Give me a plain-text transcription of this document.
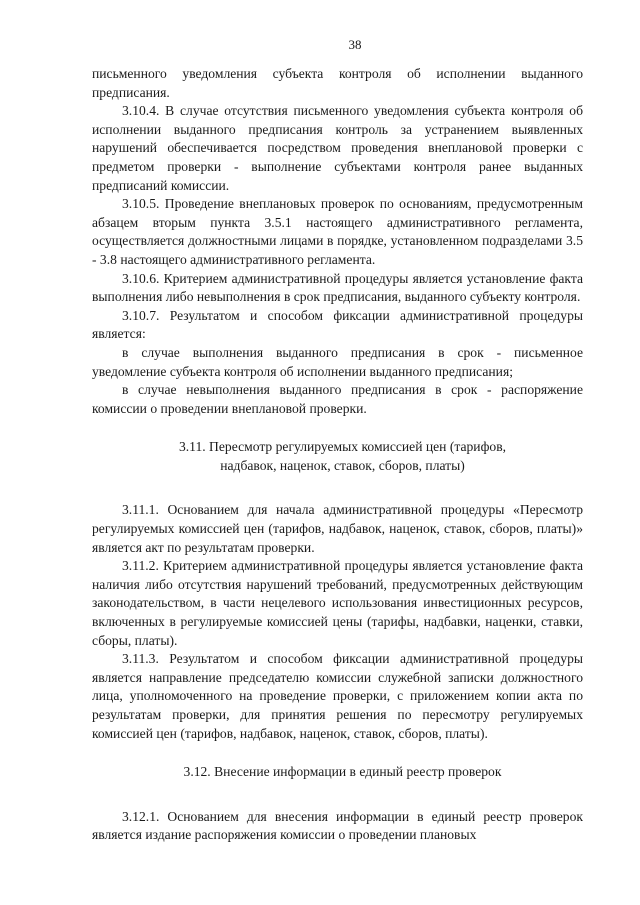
38

письменного уведомления субъекта контроля об исполнении выданного предписания.

3.10.4. В случае отсутствия письменного уведомления субъекта контроля об исполнении выданного предписания контроль за устранением выявленных нарушений обеспечивается посредством проведения внеплановой проверки с предметом проверки - выполнение субъектами контроля ранее выданных предписаний комиссии.

3.10.5. Проведение внеплановых проверок по основаниям, предусмотренным абзацем вторым пункта 3.5.1 настоящего административного регламента, осуществляется должностными лицами в порядке, установленном подразделами 3.5 - 3.8 настоящего административного регламента.

3.10.6. Критерием административной процедуры является установление факта выполнения либо невыполнения в срок предписания, выданного субъекту контроля.

3.10.7. Результатом и способом фиксации административной процедуры является:

в случае выполнения выданного предписания в срок - письменное уведомление субъекта контроля об исполнении выданного предписания;

в случае невыполнения выданного предписания в срок - распоряжение комиссии о проведении внеплановой проверки.

3.11. Пересмотр регулируемых комиссией цен (тарифов,
надбавок, наценок, ставок, сборов, платы)

3.11.1. Основанием для начала административной процедуры «Пересмотр регулируемых комиссией цен (тарифов, надбавок, наценок, ставок, сборов, платы)» является акт по результатам проверки.

3.11.2. Критерием административной процедуры является установление факта наличия либо отсутствия нарушений требований, предусмотренных действующим законодательством, в части нецелевого использования инвестиционных ресурсов, включенных в регулируемые комиссией цены (тарифы, надбавки, наценки, ставки, сборы, платы).

3.11.3. Результатом и способом фиксации административной процедуры является направление председателю комиссии служебной записки должностного лица, уполномоченного на проведение проверки, с приложением копии акта по результатам проверки, для принятия решения по пересмотру регулируемых комиссией цен (тарифов, надбавок, наценок, ставок, сборов, платы).

3.12. Внесение информации в единый реестр проверок

3.12.1. Основанием для внесения информации в единый реестр проверок является издание распоряжения комиссии о проведении плановых
